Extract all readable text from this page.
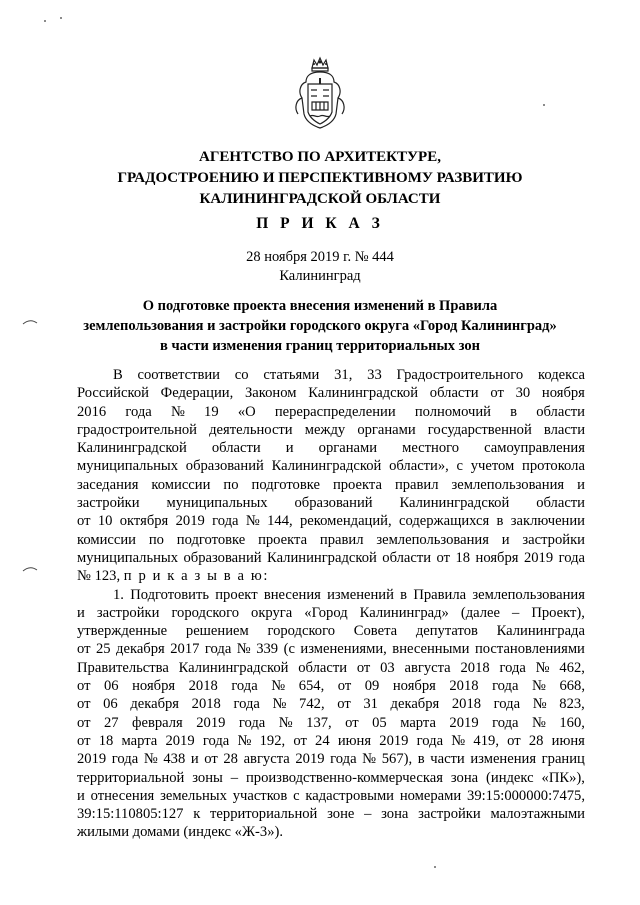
АГЕНТСТВО ПО АРХИТЕКТУРЕ,
ГРАДОСТРОЕНИЮ И ПЕРСПЕКТИВНОМУ РАЗВИТИЮ
КАЛИНИНГРАДСКОЙ ОБЛАСТИ
П Р И К А З
28 ноября 2019 г. № 444
Калининград
О подготовке проекта внесения изменений в Правила
землепользования и застройки городского округа «Город Калининград»
в части изменения границ территориальных зон
В соответствии со статьями 31, 33 Градостроительного кодекса
Российской Федерации, Законом Калининградской области от 30 ноября
2016 года № 19 «О перераспределении полномочий в области
градостроительной деятельности между органами государственной власти
Калининградской области и органами местного самоуправления
муниципальных образований Калининградской области», с учетом протокола
заседания комиссии по подготовке проекта правил землепользования и
застройки муниципальных образований Калининградской области
от 10 октября 2019 года № 144, рекомендаций, содержащихся в заключении
комиссии по подготовке проекта правил землепользования и застройки
муниципальных образований Калининградской области от 18 ноября 2019 года
№ 123, п р и к а з ы в а ю:
1. Подготовить проект внесения изменений в Правила землепользования
и застройки городского округа «Город Калининград» (далее – Проект),
утвержденные решением городского Совета депутатов Калининграда
от 25 декабря 2017 года № 339 (с изменениями, внесенными постановлениями
Правительства Калининградской области от 03 августа 2018 года № 462,
от 06 ноября 2018 года № 654, от 09 ноября 2018 года № 668,
от 06 декабря 2018 года № 742, от 31 декабря 2018 года № 823,
от 27 февраля 2019 года № 137, от 05 марта 2019 года № 160,
от 18 марта 2019 года № 192, от 24 июня 2019 года № 419, от 28 июня
2019 года № 438 и от 28 августа 2019 года № 567), в части изменения границ
территориальной зоны – производственно-коммерческая зона (индекс «ПК»),
и отнесения земельных участков с кадастровыми номерами 39:15:000000:7475,
39:15:110805:127 к территориальной зоне – зона застройки малоэтажными
жилыми домами (индекс «Ж-3»).
